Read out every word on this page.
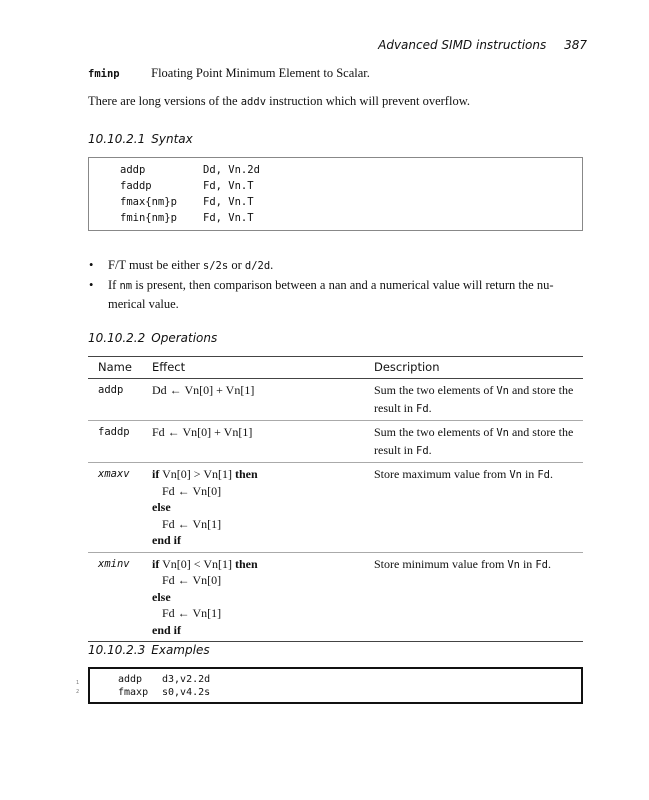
Advanced SIMD instructions 387
fminp	Floating Point Minimum Element to Scalar.
There are long versions of the addv instruction which will prevent overflow.
10.10.2.1 Syntax
addp	Dd, Vn.2d
faddp	Fd, Vn.T
fmax{nm}p Fd, Vn.T
fmin{nm}p Fd, Vn.T
• F/T must be either s/2s or d/2d.
• If nm is present, then comparison between a nan and a numerical value will return the nu-merical value.
10.10.2.2 Operations
Name	Effect	Description
addp	Dd ← Vn[0] + Vn[1]	Sum the two elements of Vn and store the result in Fd.
faddp	Fd ← Vn[0] + Vn[1]	Sum the two elements of Vn and store the result in Fd.
xmaxv	if Vn[0] > Vn[1] then
Fd ← Vn[0]
else
Fd ← Vn[1]
end if	Store maximum value from Vn in Fd.
xminv	if Vn[0] < Vn[1] then
Fd ← Vn[0]
else
Fd ← Vn[1]
end if	Store minimum value from Vn in Fd.
10.10.2.3 Examples
1
2
addp d3,v2.2d
fmaxp s0,v4.2s
